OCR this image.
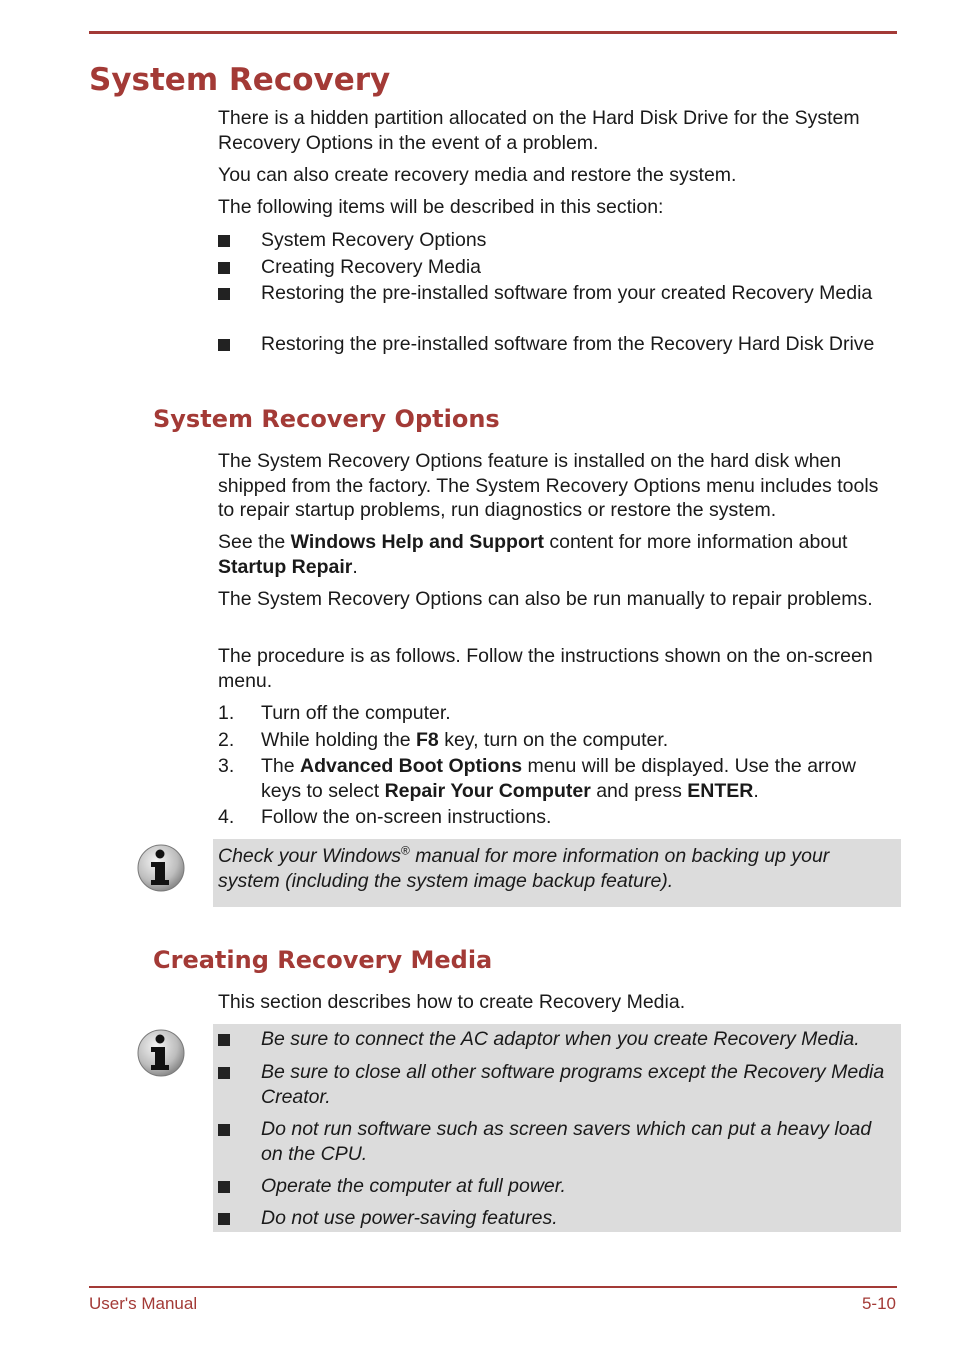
System Recovery

There is a hidden partition allocated on the Hard Disk Drive for the System Recovery Options in the event of a problem.

You can also create recovery media and restore the system.

The following items will be described in this section:

System Recovery Options
Creating Recovery Media
Restoring the pre-installed software from your created Recovery Media
Restoring the pre-installed software from the Recovery Hard Disk Drive
System Recovery Options

The System Recovery Options feature is installed on the hard disk when shipped from the factory. The System Recovery Options menu includes tools to repair startup problems, run diagnostics or restore the system.

See the Windows Help and Support content for more information about Startup Repair.

The System Recovery Options can also be run manually to repair problems.

The procedure is as follows. Follow the instructions shown on the on-screen menu.

1. Turn off the computer.
2. While holding the F8 key, turn on the computer.
3. The Advanced Boot Options menu will be displayed. Use the arrow keys to select Repair Your Computer and press ENTER.
4. Follow the on-screen instructions.
Check your Windows® manual for more information on backing up your system (including the system image backup feature).
Creating Recovery Media

This section describes how to create Recovery Media.

Be sure to connect the AC adaptor when you create Recovery Media.
Be sure to close all other software programs except the Recovery Media Creator.
Do not run software such as screen savers which can put a heavy load on the CPU.
Operate the computer at full power.
Do not use power-saving features.
User's Manual	5-10
